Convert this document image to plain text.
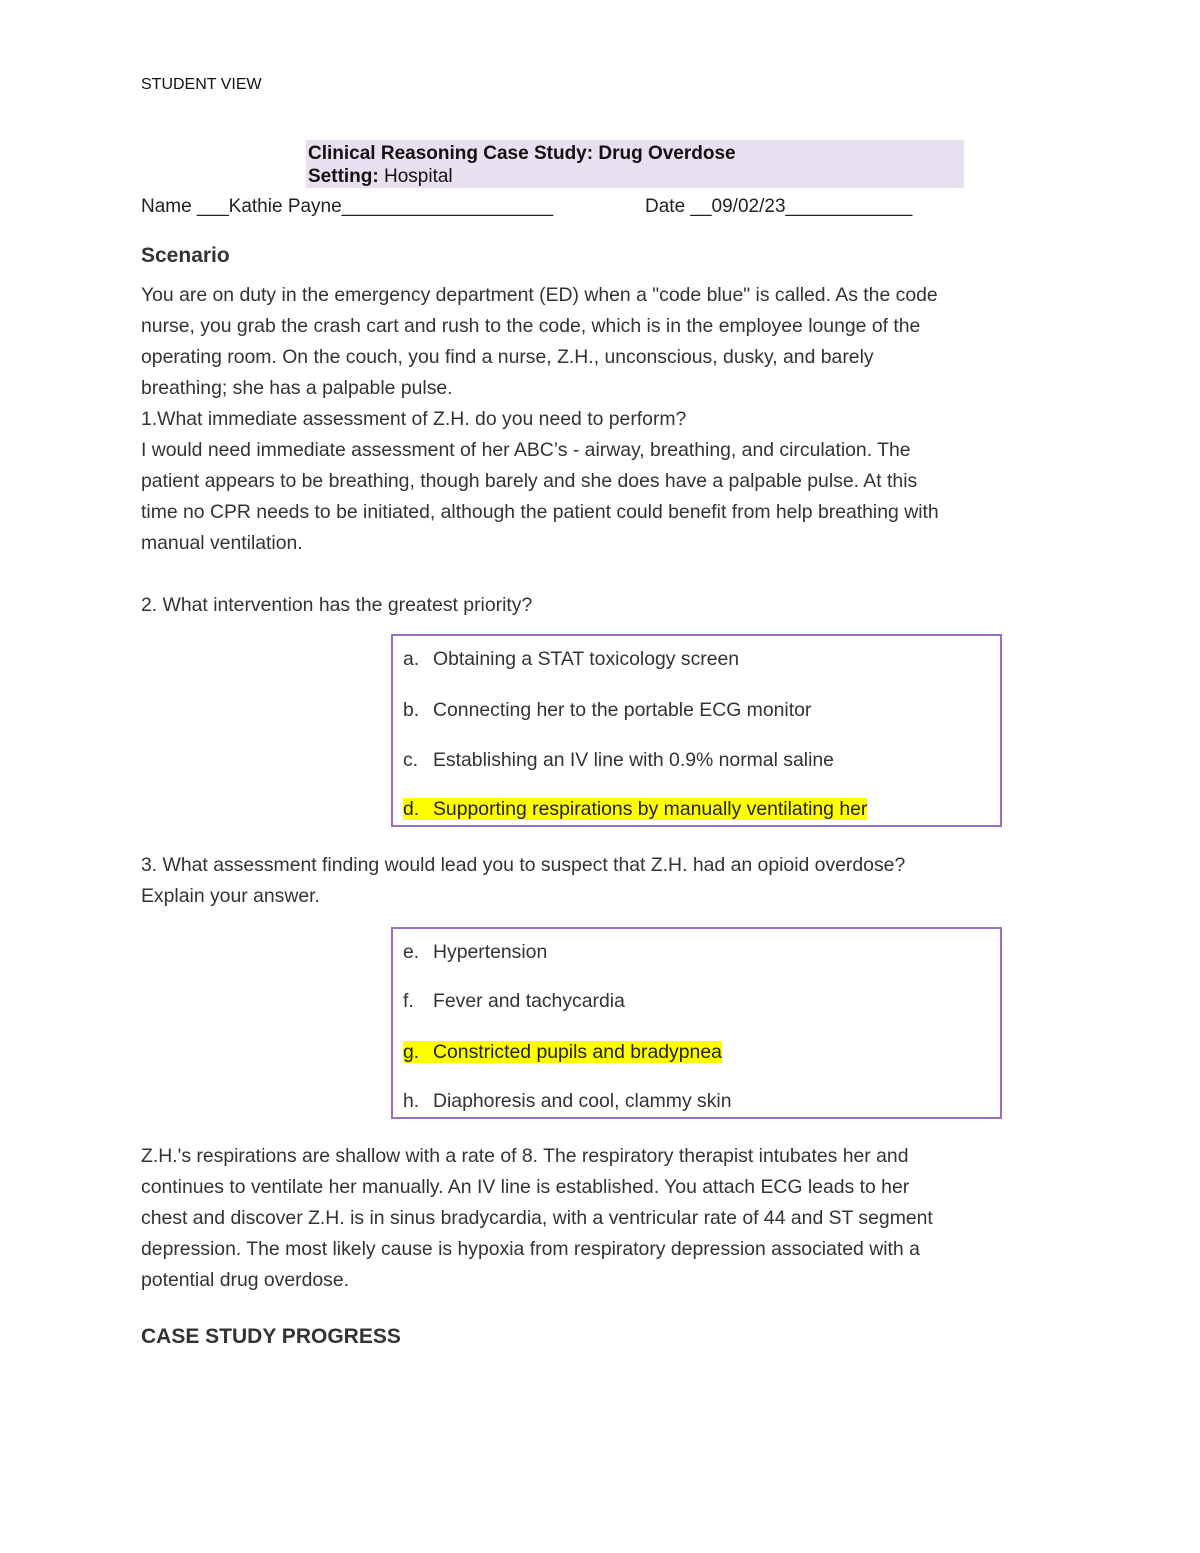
STUDENT VIEW
Clinical Reasoning Case Study: Drug Overdose
Setting: Hospital
Name ___Kathie Payne____________________	Date __09/02/23____________
Scenario
You are on duty in the emergency department (ED) when a "code blue" is called. As the code
nurse, you grab the crash cart and rush to the code, which is in the employee lounge of the
operating room. On the couch, you find a nurse, Z.H., unconscious, dusky, and barely
breathing; she has a palpable pulse.
1.What immediate assessment of Z.H. do you need to perform?
I would need immediate assessment of her ABC’s - airway, breathing, and circulation. The
patient appears to be breathing, though barely and she does have a palpable pulse. At this
time no CPR needs to be initiated, although the patient could benefit from help breathing with
manual ventilation.
2. What intervention has the greatest priority?
a. Obtaining a STAT toxicology screen
b. Connecting her to the portable ECG monitor
c. Establishing an IV line with 0.9% normal saline
d. Supporting respirations by manually ventilating her
3. What assessment finding would lead you to suspect that Z.H. had an opioid overdose?
Explain your answer.
e. Hypertension
f. Fever and tachycardia
g. Constricted pupils and bradypnea
h. Diaphoresis and cool, clammy skin
Z.H.'s respirations are shallow with a rate of 8. The respiratory therapist intubates her and
continues to ventilate her manually. An IV line is established. You attach ECG leads to her
chest and discover Z.H. is in sinus bradycardia, with a ventricular rate of 44 and ST segment
depression. The most likely cause is hypoxia from respiratory depression associated with a
potential drug overdose.
CASE STUDY PROGRESS
